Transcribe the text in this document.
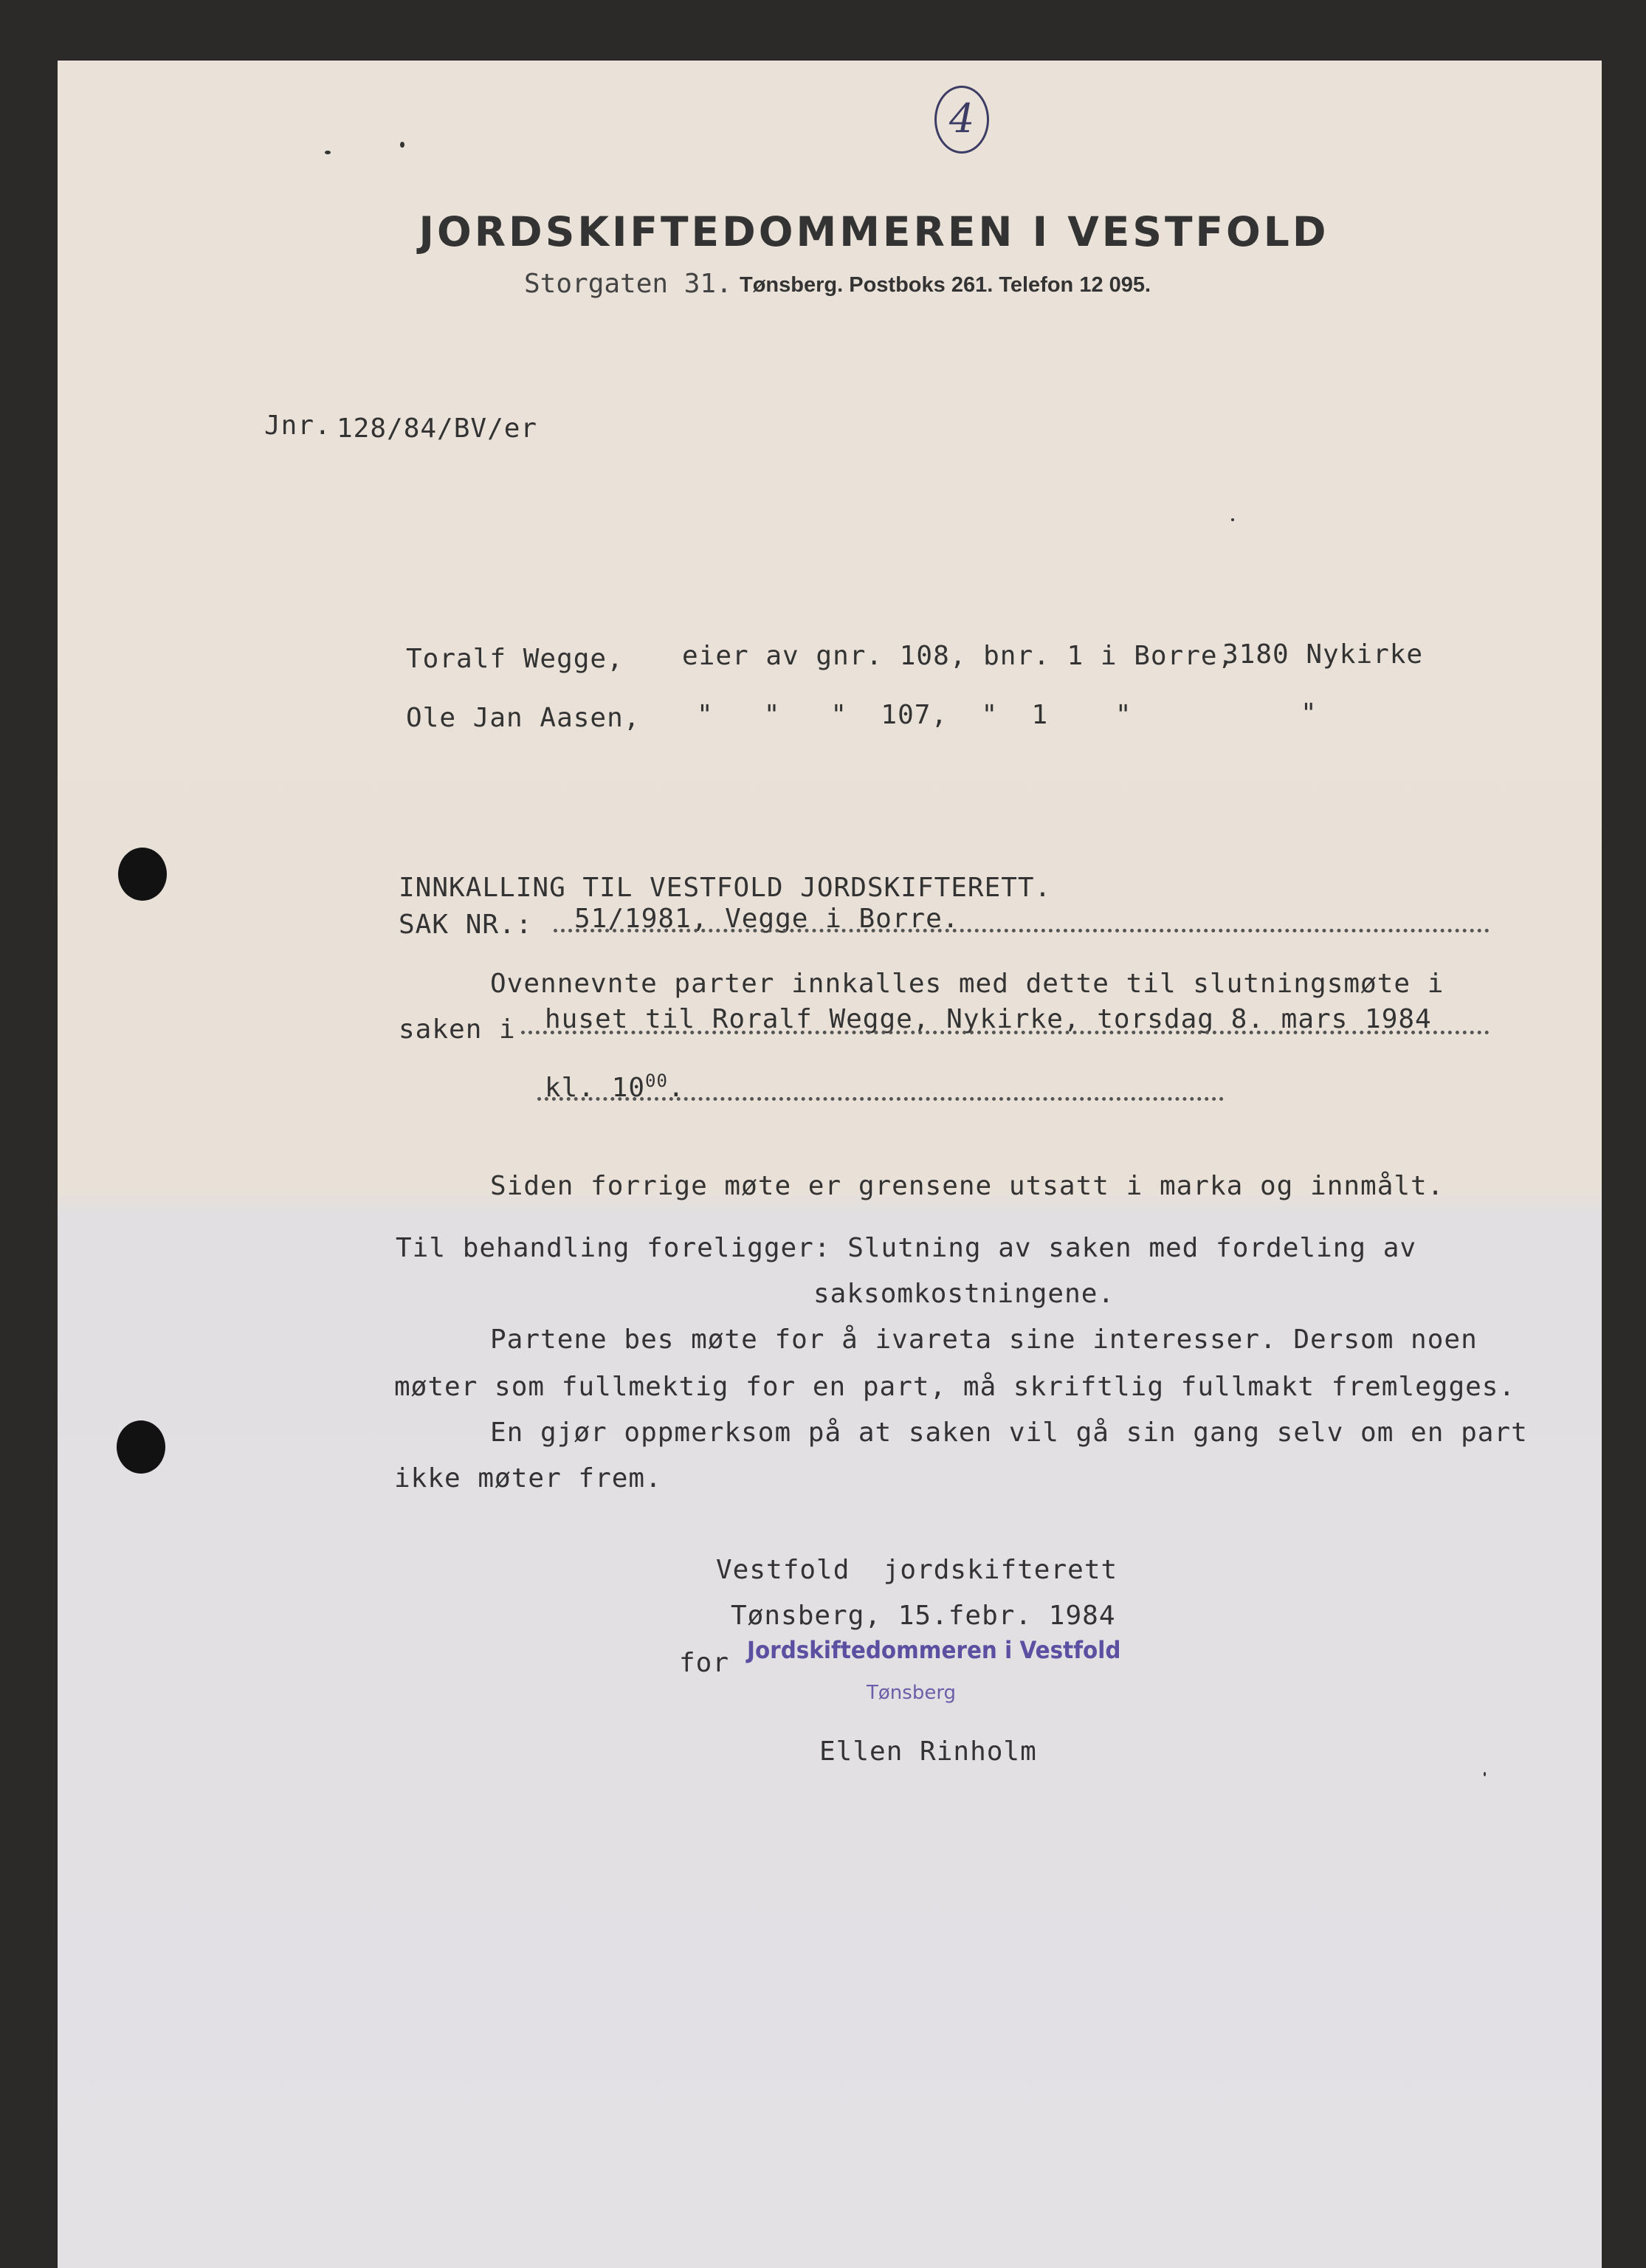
4
JORDSKIFTEDOMMEREN I VESTFOLD
Storgaten 31. Tønsberg. Postboks 261. Telefon 12 095.
Jnr. 128/84/BV/er
Toralf Wegge, eier av gnr. 108, bnr. 1 i Borre,
3180 Nykirke
Ole Jan Aasen, "   "   "  107,  "  1    "	"
INNKALLING TIL VESTFOLD JORDSKIFTERETT.
SAK NR.: 51/1981, Vegge i Borre.
Ovennevnte parter innkalles med dette til slutningsmøte i
saken i huset til Roralf Wegge, Nykirke, torsdag 8. mars 1984
kl. $10^{00}$.
Siden forrige møte er grensene utsatt i marka og innmålt.
Til behandling foreligger: Slutning av saken med fordeling av
saksomkostningene.
Partene bes møte for å ivareta sine interesser. Dersom noen
møter som fullmektig for en part, må skriftlig fullmakt fremlegges.
En gjør oppmerksom på at saken vil gå sin gang selv om en part
ikke møter frem.
Vestfold  jordskifterett
Tønsberg, 15.febr. 1984
for Jordskiftedommeren i Vestfold
Tønsberg
Ellen Rinholm
